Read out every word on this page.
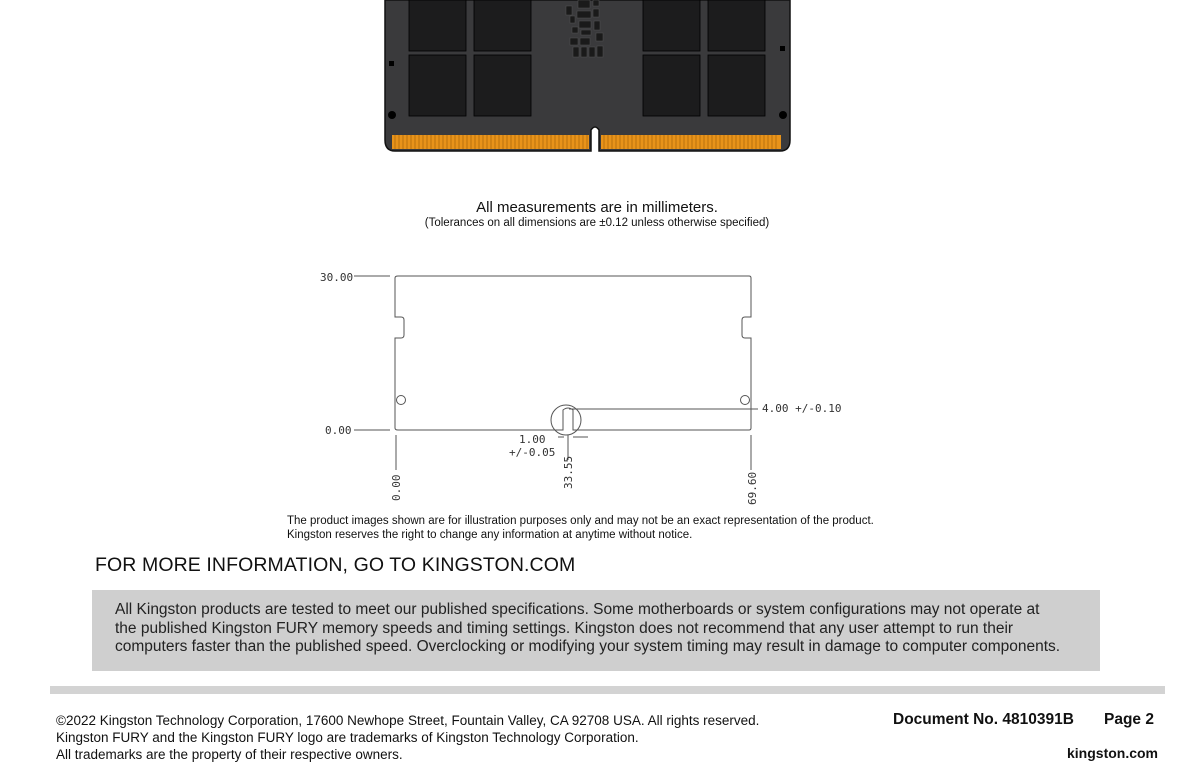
All measurements are in millimeters.
(Tolerances on all dimensions are ±0.12 unless otherwise specified)
30.00
0.00
4.00 +/-0.10
1.00
+/-0.05
0.00	33.55	69.60
The product images shown are for illustration purposes only and may not be an exact representation of the product.
Kingston reserves the right to change any information at anytime without notice.
FOR MORE INFORMATION, GO TO KINGSTON.COM
All Kingston products are tested to meet our published specifications. Some motherboards or system configurations may not operate at
the published Kingston FURY memory speeds and timing settings. Kingston does not recommend that any user attempt to run their
computers faster than the published speed. Overclocking or modifying your system timing may result in damage to computer components.
©2022 Kingston Technology Corporation, 17600 Newhope Street, Fountain Valley, CA 92708 USA. All rights reserved.
Kingston FURY and the Kingston FURY logo are trademarks of Kingston Technology Corporation.
All trademarks are the property of their respective owners.
Document No. 4810391B Page 2
kingston.com
